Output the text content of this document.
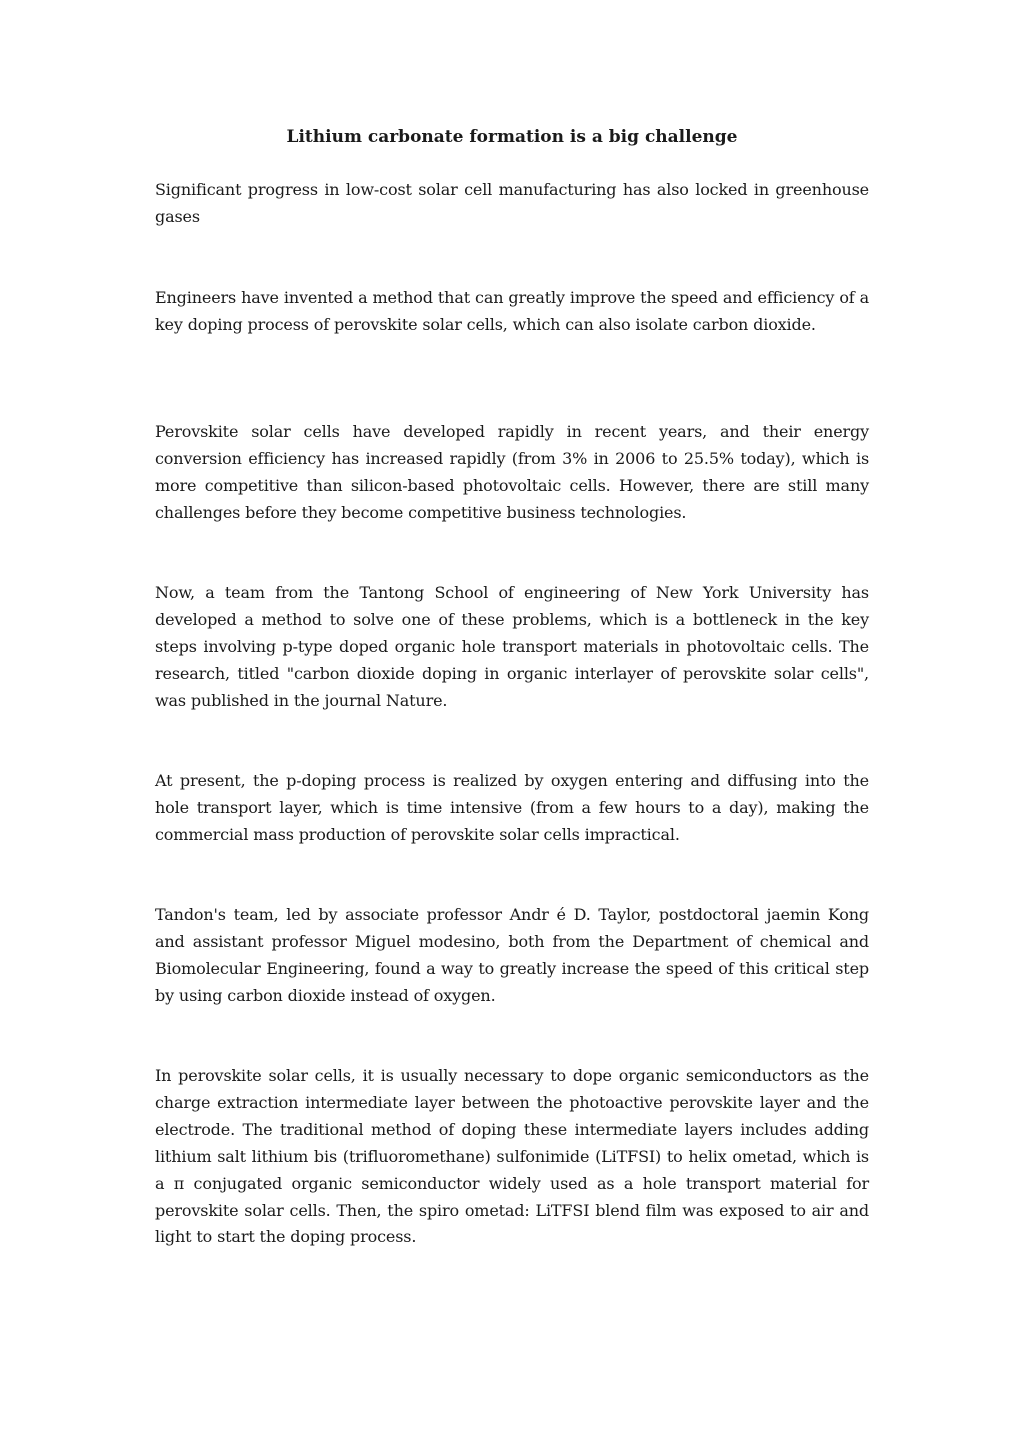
Lithium carbonate formation is a big challenge

Significant progress in low-cost solar cell manufacturing has also locked in greenhouse gases

Engineers have invented a method that can greatly improve the speed and efficiency of a key doping process of perovskite solar cells, which can also isolate carbon dioxide.

Perovskite solar cells have developed rapidly in recent years, and their energy conversion efficiency has increased rapidly (from 3% in 2006 to 25.5% today), which is more competitive than silicon-based photovoltaic cells. However, there are still many challenges before they become competitive business technologies.

Now, a team from the Tantong School of engineering of New York University has developed a method to solve one of these problems, which is a bottleneck in the key steps involving p-type doped organic hole transport materials in photovoltaic cells. The research, titled "carbon dioxide doping in organic interlayer of perovskite solar cells", was published in the journal Nature.

At present, the p-doping process is realized by oxygen entering and diffusing into the hole transport layer, which is time intensive (from a few hours to a day), making the commercial mass production of perovskite solar cells impractical.

Tandon's team, led by associate professor Andr é D. Taylor, postdoctoral jaemin Kong and assistant professor Miguel modesino, both from the Department of chemical and Biomolecular Engineering, found a way to greatly increase the speed of this critical step by using carbon dioxide instead of oxygen.

In perovskite solar cells, it is usually necessary to dope organic semiconductors as the charge extraction intermediate layer between the photoactive perovskite layer and the electrode. The traditional method of doping these intermediate layers includes adding lithium salt lithium bis (trifluoromethane) sulfonimide (LiTFSI) to helix ometad, which is a π conjugated organic semiconductor widely used as a hole transport material for perovskite solar cells. Then, the spiro ometad: LiTFSI blend film was exposed to air and light to start the doping process.
